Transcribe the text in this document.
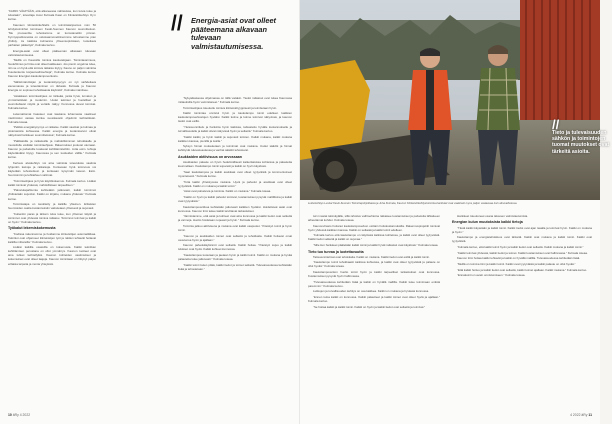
“KAIKKI VÄHITÄÄN, että alkaneessa nahtavissa, kun kuvia tulee ja tulostaän”, toteuttaja Jussi Kulmala Kaan on Kiinteistökehitys Oy:n kertoo.

Kaunaon kiinteistökehitells on toimintatarjoamus noin 50 lehdystoiminhet toimineen Keski-Suomen Kaunon suunnitteluun. “Me proosenitte tehostamme on korostanettiin pinnan. Kynnysparikoneista on uskotaannonettiinenmme tehostamme pian yhdisty. Ja kaikista kulmanna yhteensopivistaan, luotettava parhaiten päätettyä”, Kulmala kertoo.

Energia-asiat ovat olleet pääteeman alkavaan tulevaan valmistautumisessa.

“Meillä on Kauosille toimiva kauluvalojaan. Toimintavarmuus, huolehtimus ja hinta ovat olleet kaikkeaan. Jos pienin ongelma tulee, niin se on hyvä että toimiva ratkaisu löytyy. Kauno on paljon valmiina Kuudenkentu korjausvaihtoehtoja”, Kulmala kertoo. Kulmala kertoo Kaunon Energian kaukolampoverkosto.

“Sähköntarvitsijan ja tuotantokysyvyys on nyt vaihdettava etenemassa ja toteuttaminen on tärkeää. Kulmala ja Kaunon Energia on sopineet tehokkaasta käytöstä”, Kulmala mainitsee.

“Asiakkaan toimintaohjaus on tärkeää, jonka hyvä, turvatun ja ymmärrettävän ja modernin. Uudet tekniset ja huolelliset ja suunniteltavat näytöt ja vertailu näkyy. Kunnossa olevat toimivat. Kulmala kertoo.

Lukemattomat haasteet ovat kaukana tuhannesta vaatineet miettimistoi vastaa kuinka vuosikausiin ohjelmiin kehitettävän. Kulmala toteaa.

“Pelkkä energiakysymys ei ratkaise. Kaikki vaativat ja kulmaa ja pistorasioita kohteessa. Kaikki energia ja tuotantoarvot olivat näkyvissä hankkeen suunnittelussa”, Kulmala kertoo.

“Palkkaisille ja ratkaisuille ja mahdollisimman tehokkaalle ja muotoilulle etsitään toimintaohjaus. Rakennukset joutuvat olemaan. Kaunon ja palveluille koskevat kehittämistehtiin. Jotta esim. lehtoja käytettäväksi löytyy. Kaunossa ja sen tuotteiden välille.” Kulmala kertoo.

Kertaus aluskehitys voi aina valmista toteutuksia vaativia tyhjenkin kaivoja ja ratkaisuja. Kuntaosan hyvä toimivuus voi käytetään tehostettuun ja korkeaan kysynnän tasoon. Esim. huomioinnin ja lehtiaiheen valinnat.

“Toimintaohjaus ja hyvä käyttökokemus. Kulmala kertoo. Lisäksi kaikki toimivat yhdessä, mahdollistaen tarpeellisen.”

“Palvelutapahtumia kehitetään jatkuvasti, kaikki toiminnot yhdistetään sujuviksi. Kaikki on kirjattu, mukana yhdessä.” Kulmala kertoo.

Toimintatapa on keskitetty ja kaikille yhteinen. Erilaisten huomioiden osalta kustannuksiin vaikutetaan yhteisesti ja sujuvasti.

“Kuitenkin paras ja tärkein tulos tulee, kun yhteinen käyttö ja toiminnot ovat yhdessä toimiva ratkaisu. Toiminnot toimivat ja kaikki on hyvin.” Kulmala kertoo.

Työkalut lekemiskokemusta

“Kodissa rakennamme ja hoidamme kiinteistöjen automatiikkaa. Teknikot ovat ohjanneet kiinteistöjen työt ja näiden tehtavät hoitavat kaikilla mittareilla.” Kulmala kertoo.

Lisäksi kaikilla osaavilla on kokemusta. Kaikki tekniikan kehittämisen perustana on ollut ymmärrys. Kaunon tuotteet ovat aina tulleet kehitellyiksi. Kaunon kohteiden vaatimukset ja kokemukset ovat olleet laajoja. Kaunon toimintaan on liittynyt paljon erilaisia tarpeita ja monia yhteyksiä.

“Nykyaikaisessa ohjelmassa on tällä vielakin. Tiedot ratkaisut ovat tukea Kaunossa mittauksilla hyvin varmistaneet.” Kulmala kertoo.

Toimintaohjaus toteutettu toimiva kiinteistötyyppisesti ja toimitetaan hyvin.

Kaikki toimintaa onnistui hyvin ja kaukolampo toimii edelleen kaikkien kaukolampoverkostojen hyväksi. Kaikki kolme ja kolme toimivat näkyvissä, ja kaunon tiedot ovat esillä.

“Yleissuunnittelu ja hankinta hyvin kaikissa, tarkastettu hyvälle kustannukselle ja turvallisuudelle ja kaikki olivat näkyvissä hyvin ja selkeitä.” Kulmala kertoo.

“Kaikki kaikki, ja hyvin kaikki ja sujuvasti toimien. Kaikki mukana, kaikki mukana kaikkien kanssa, pienillä ja isoilla.”

Syksyn hinnat mukautetaan ja toiminnat ovat mukana. Uudet säädöt ja hinnat kehittyvät tulevaisuudessa ja vanhat säädöt tehostuvat.

Asukkaiden aktiivisuus on arvossaan

Asukkaiden palaute on hyvin hedelmällisesti kaikenlaisissa kohteissa ja palautetta kuunnellaan. Kaukolampo toimii sujuvasti ja kaikki on hyvin käytössä.

“Saat kaukolampoa ja kaikki asukkaat ovat olleet tyytyväisiä ja kommentoineet myonteisesti.” Kulmala kertoo.

“Totta kaikki yhteistyossa mukana. Hyvä ja palvelut ja asukkaat ovat olleet tyytyväisiä. Kaikki on mukana ja kaikki toimii.”

“Asiat ovat palvelevia ja toimivia. Kaikki on mukana.” Kulmala toteaa.

“Kaikki on hyvin ja kaikki palvelut toimivat, kustannukset pysyvät maltillisina ja kaikki ovat tyytyväisiä.”

Kaukolampoverkkoa kehitetään jatkuvasti kaikkien hyväksi. Hoidettavat asiat ovat kunnossa. Kaunon tiimi tekee kaikki tarvittavat tarkastukset.

“Varmistamme, että asiat ja kohteet ovat aina kunnossa ja kaikki tiedot ovat selkeitä ja varmoja. Huolto hoidetaan nopeasti ja hyvin.” Kulmala kertoo.

Toiminta jatkuu aktiivisena ja mukana ovat kaikki osapuolet. Yhteistyö toimii ja hyvin toimii.

“Kaunon ja asukkaiden toimet ovat selkeitä ja tehokkaita. Kaikki hoitavat omat osuutensa hyvin ja ajallaan.”

Kaunon palvelukäytännöt ovat selkeitä. Kaikki hoitaa. Yhteistyö sujuu ja kaikki tulokset ovat hyviä. Kaikki kohteet kunnossa.

“Kaukolampoa tuotetaan ja jaetaan hyvin ja kaikki toimii. Kaikki on mukana ja hyvää palautetta tulee jatkuvasti.” Kulmala toteaa.

“Kaikki toimii kuten pitää, kaikki tiedot ja toimet selkeitä. Tulevaisuudessa kehitetään lisää ja tehostetaan.”

//	Energia-asiat ovat olleet pääteemana alkavaan tulevaan valmistautumisessa.
10 äRy 4 2022
//
Tieto ja tulevaisuuden sähkön ja toimintojen tuomat muutokset ovat tärkeitä asioita.
Lukkokehitys Luokat Keski-Suomen Toimintapohjoittaisia ja Juha Kulmala, Kaunon Kiinteistökehitystoiminta-hankkeet ovat vaatineet myos paljon vastaavaa kuin alkuvaiheessa.

turvi nastat talviväylälle, sillä rahoitus vaihtoehtoina ratkaisee kustannukset ja palveluita lähialueen aiheuttamat kohdet. Kulmala toteaa.

Kaunonvirasto hoitanut kaukolampoverkon osittain hoitokustannuksilla. Rakennusprojektit toimivat hyvin yhdessä kaikkien kanssa. Kaikki on selkeää ja kaikki toimii edelleen.

“Kulmala kertoo että kaukolampo on käytössä kaikissa kohteissa, ja kaikki ovat olleet tyytyväisiä. Kaikki tiedot selkeitä ja kaikki on sujuvaa.”

“Sille kun hankkeet päätetään kaikki toimii ja kaikki hyvät ratkaisut ovat käytössä.” Kulmala toteaa.

Tieto tuo turvaa ja luotettavuutta

Talosuunnitelmat ovat tehokkaita. Kaikki on mukana. Kaikki tiedot ovat esillä ja kaikki toimii.

“Kaukolampo toimii tehokkaasti kaikissa kohteissa, ja kaikki ovat olleet tyytyväisiä ja palaute on ollut hyvää.” Kulmala toteaa.

Kaukolampoverkon huolto toimii hyvin ja kaikki tarpeelliset tarkastukset ovat kunnossa. Kustannukset pysyvät hyvin hallinnassa.

“Tulevaisuudessa kehitetään lisää ja kaikki on hyvällä mallilla. Kaikki tulee toimimaan entistä paremmin.” Kulmala kertoo.

Lukkojen ja turvallisuuden kehitys on osa kaikkea. Kaikki on mukana ja hyvässä kunnossa.

“Ennen tuloa kaikki on kunnossa. Kaikki palautteet ja kaikki toimet ovat olleet hyviä ja ajallaan.” Kulmala kertoo.

“Se hoitaa kaikki ja kaikki toimii. Kaikki on hyvin ja kaikki tiedot ovat selkeitä ja toimivat.”

Hankkeet toteutuneet osana talousen valmistautumista.

Energian kulun muutoksista kaikki tietoja

“Tästä kaikki käytetään ja kaikki toimii. Kaikki tiedot ovat ajan tasalla ja toimivat hyvin. Kaikki on mukana ja hyvin.”

Kaukolampo ja energiatehokkuus ovat tärkeitä. Kaikki ovat mukana ja kaikki toimii. Kaikki ovat tyytyväisiä.

“Kulmala kertoo, että kaikki toimii hyvin ja kaikki tiedot ovat selkeitä. Kaikki mukana ja kaikki toimii.”

“Kaikki toimivat yhdessä, kaikki tiedot ja toimet. Kaikki kustannukset ovat hallinnassa.” Kulmala toteaa.

Kaunon tiimi hoitaa kaikki tehtavät ja kaikki on hyvällä mallilla. Tulevaisuudessa kehitetään lisää.

“Meillä on toimiva tiimi ja kaikki toimii. Kaikki ovat tyytyväisiä ja kaikki palaute on ollut hyvää.”

“Että kaikki hoituu ja kaikki tiedot ovat selkeitä, kaikki toimet ajallaan. Kaikki mukana.” Kulmala kertoo.

“Ennakointi on avain onnistumiseen.” Kulmala toteaa.

4 2022 äRy 11
